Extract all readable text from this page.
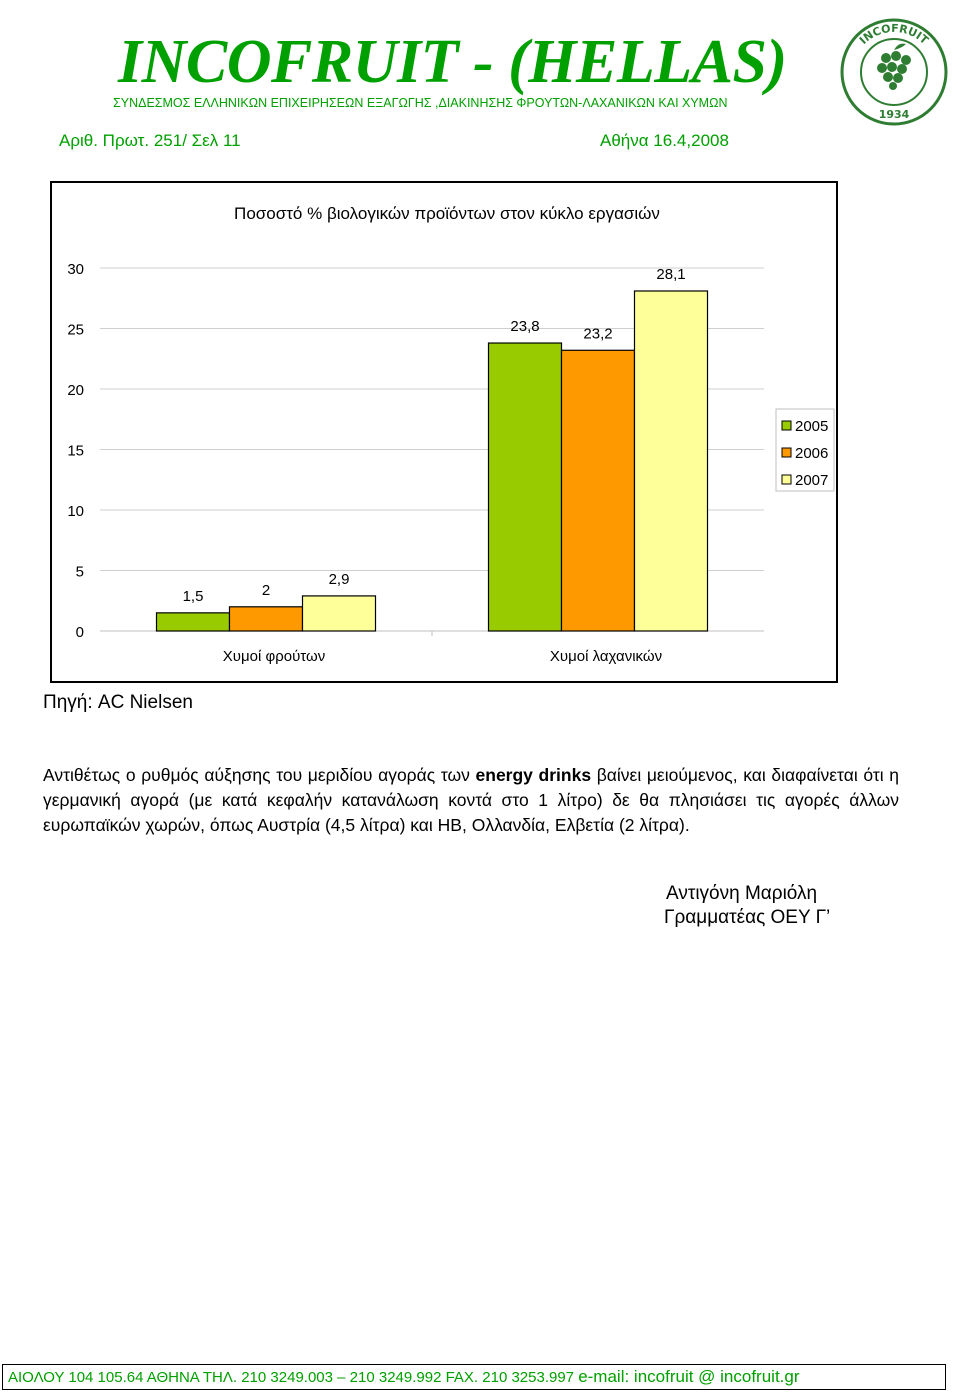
INCOFRUIT - (HELLAS)
ΣΥΝΔΕΣΜΟΣ ΕΛΛΗΝΙΚΩΝ ΕΠΙΧΕΙΡΗΣΕΩΝ ΕΞΑΓΩΓΗΣ ,ΔΙΑΚΙΝΗΣΗΣ ΦΡΟΥΤΩΝ-ΛΑΧΑΝΙΚΩΝ ΚΑΙ ΧΥΜΩΝ
INCOFRUIT
1934
Αριθ. Πρωτ. 251/ Σελ 11	Αθήνα 16.4,2008
Ποσοστό % βιολογικών προϊόντων στον κύκλο εργασιών
1,5	2
2,9
23,8	23,2
28,1
0
5
10
15
20
25
30
Χυμοί φρούτων	Χυμοί λαχανικών
2005
2006
2007
Πηγή: AC Nielsen
Αντιθέτως ο ρυθμός αύξησης του μεριδίου αγοράς των energy drinks βαίνει μειούμενος, και διαφαίνεται ότι η γερμανική αγορά (με κατά κεφαλήν κατανάλωση κοντά στο 1 λίτρο) δε θα πλησιάσει τις αγορές άλλων ευρωπαϊκών χωρών, όπως Αυστρία (4,5 λίτρα) και ΗΒ, Ολλανδία, Ελβετία (2 λίτρα).
Αντιγόνη Μαριόλη
Γραμματέας ΟΕΥ Γ’
ΑΙΟΛΟΥ 104 105.64 ΑΘΗΝΑ ΤΗΛ. 210 3249.003 – 210 3249.992 FAX. 210 3253.997 e-mail: incofruit @ incofruit.gr
